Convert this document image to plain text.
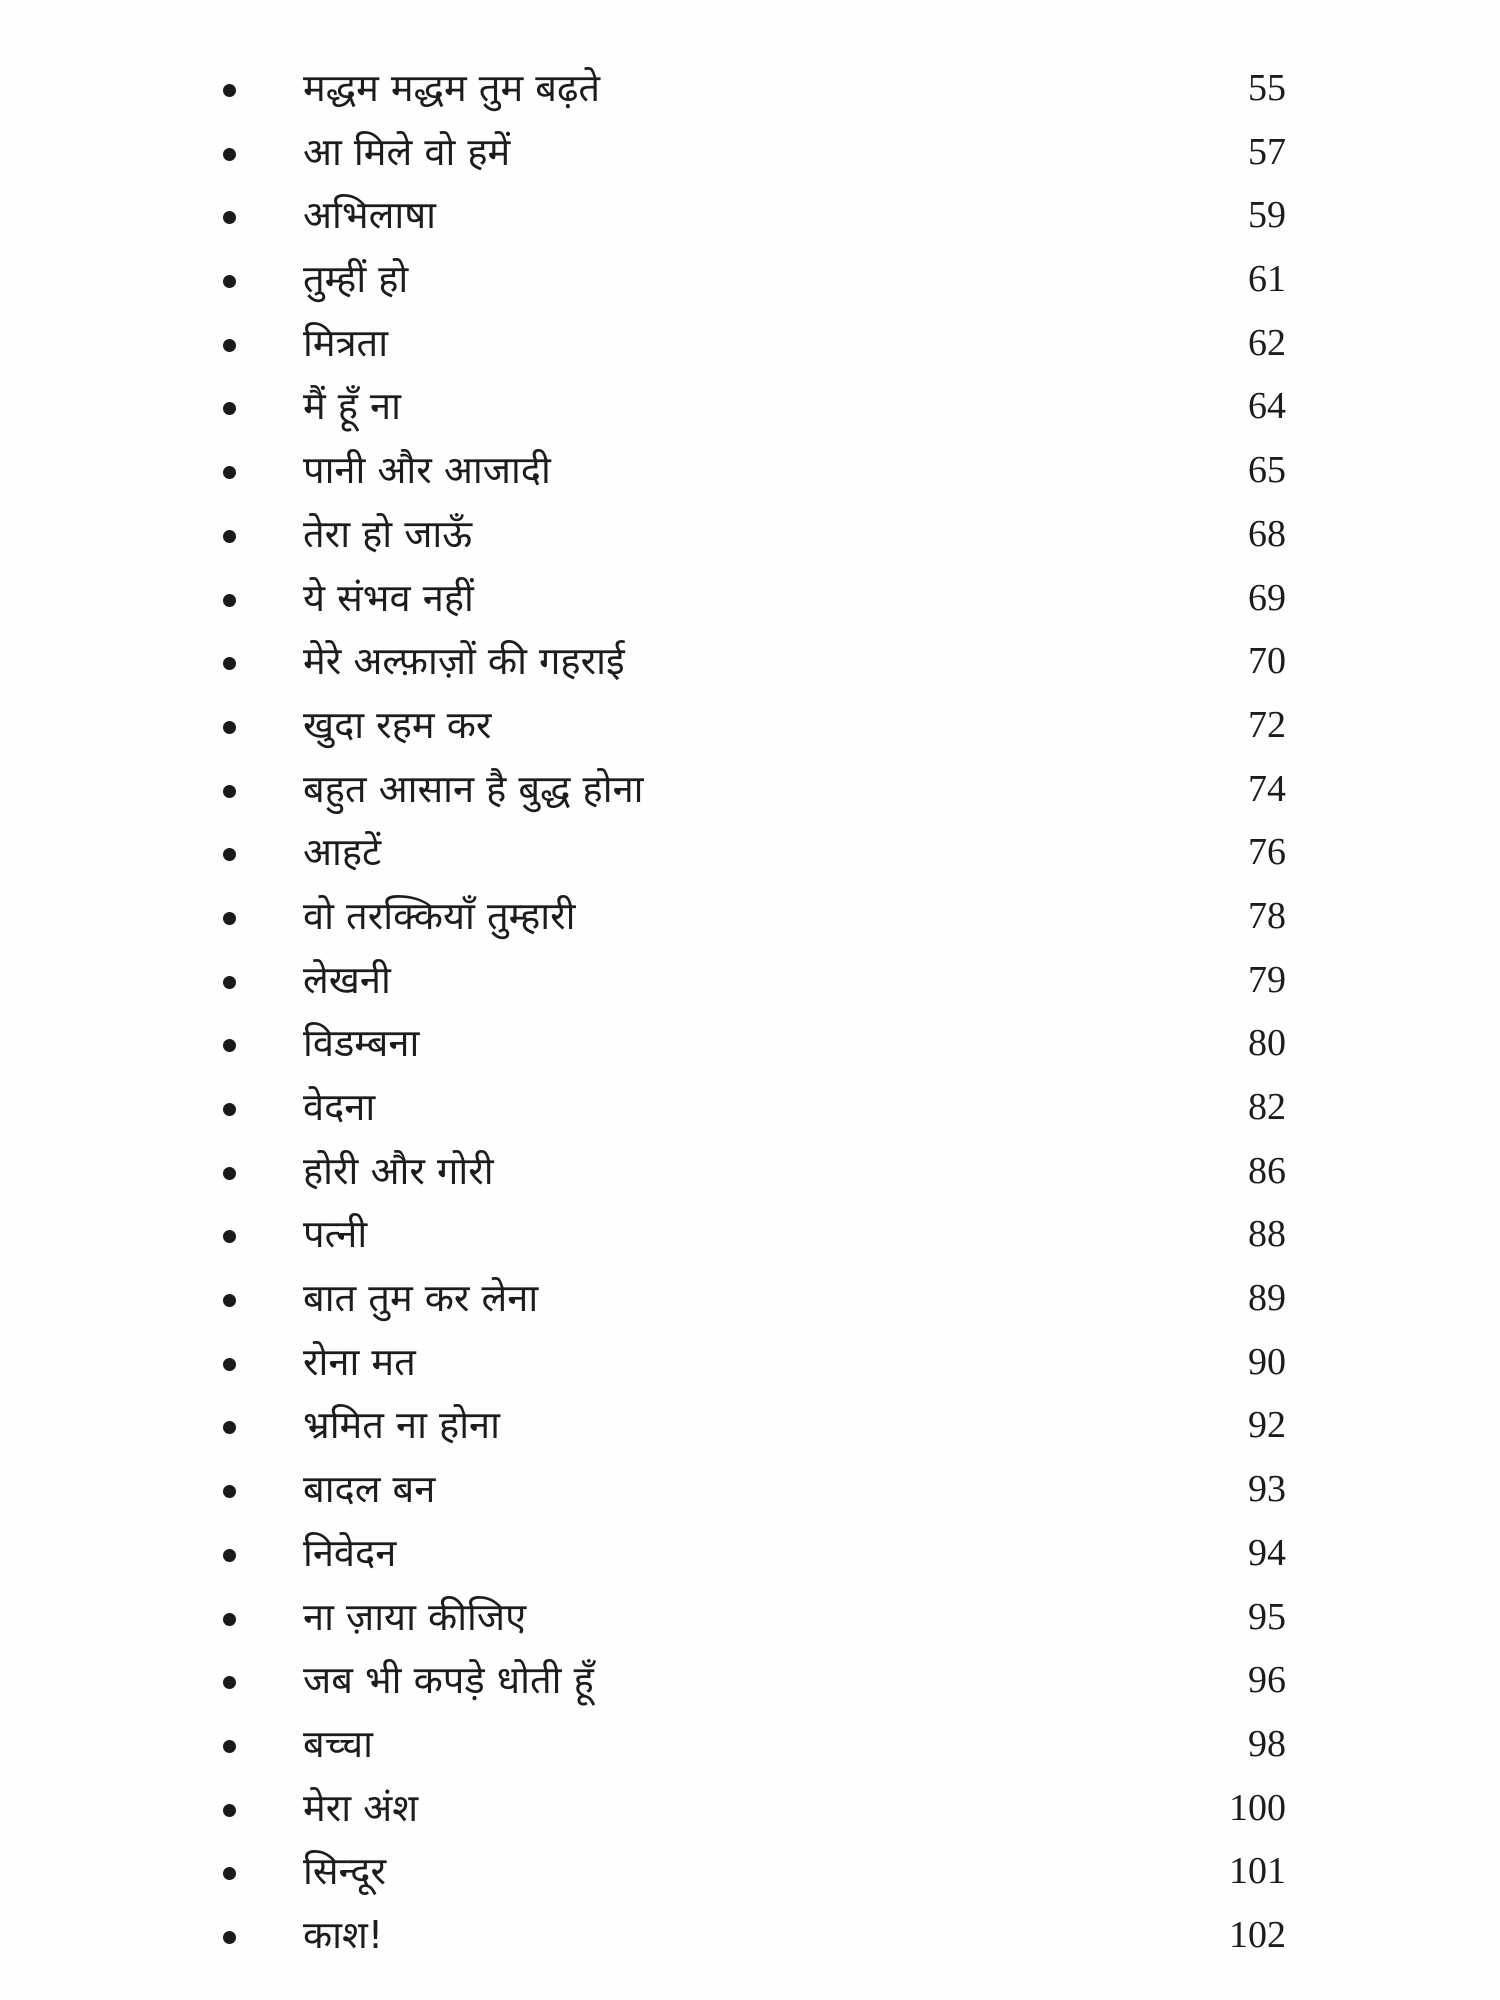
मद्धम मद्धम तुम बढ़ते	55
आ मिले वो हमें	57
अभिलाषा	59
तुम्हीं हो	61
मित्रता	62
मैं हूँ ना	64
पानी और आजादी	65
तेरा हो जाऊँ	68
ये संभव नहीं	69
मेरे अल्फ़ाज़ों की गहराई	70
खुदा रहम कर	72
बहुत आसान है बुद्ध होना	74
आहटें	76
वो तरक्कियाँ तुम्हारी	78
लेखनी	79
विडम्बना	80
वेदना	82
होरी और गोरी	86
पत्नी	88
बात तुम कर लेना	89
रोना मत	90
भ्रमित ना होना	92
बादल बन	93
निवेदन	94
ना ज़ाया कीजिए	95
जब भी कपड़े धोती हूँ	96
बच्चा	98
मेरा अंश	100
सिन्दूर	101
काश!	102
